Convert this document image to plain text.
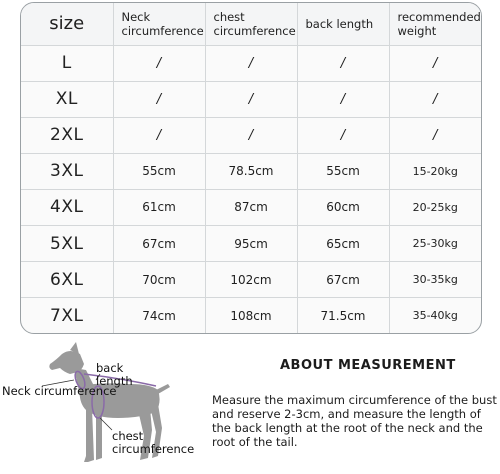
size	Neck circumference	chest circumference	back length	recommended weight
L	/	/	/	/
XL	/	/	/	/
2XL	/	/	/	/
3XL	55cm	78.5cm	55cm	15-20kg
4XL	61cm	87cm	60cm	20-25kg
5XL	67cm	95cm	65cm	25-30kg
6XL	70cm	102cm	67cm	30-35kg
7XL	74cm	108cm	71.5cm	35-40kg
Neck circumference
back length
chest circumference
ABOUT MEASUREMENT
Measure the maximum circumference of the bust and reserve 2-3cm, and measure the length of the back length at the root of the neck and the root of the tail.
